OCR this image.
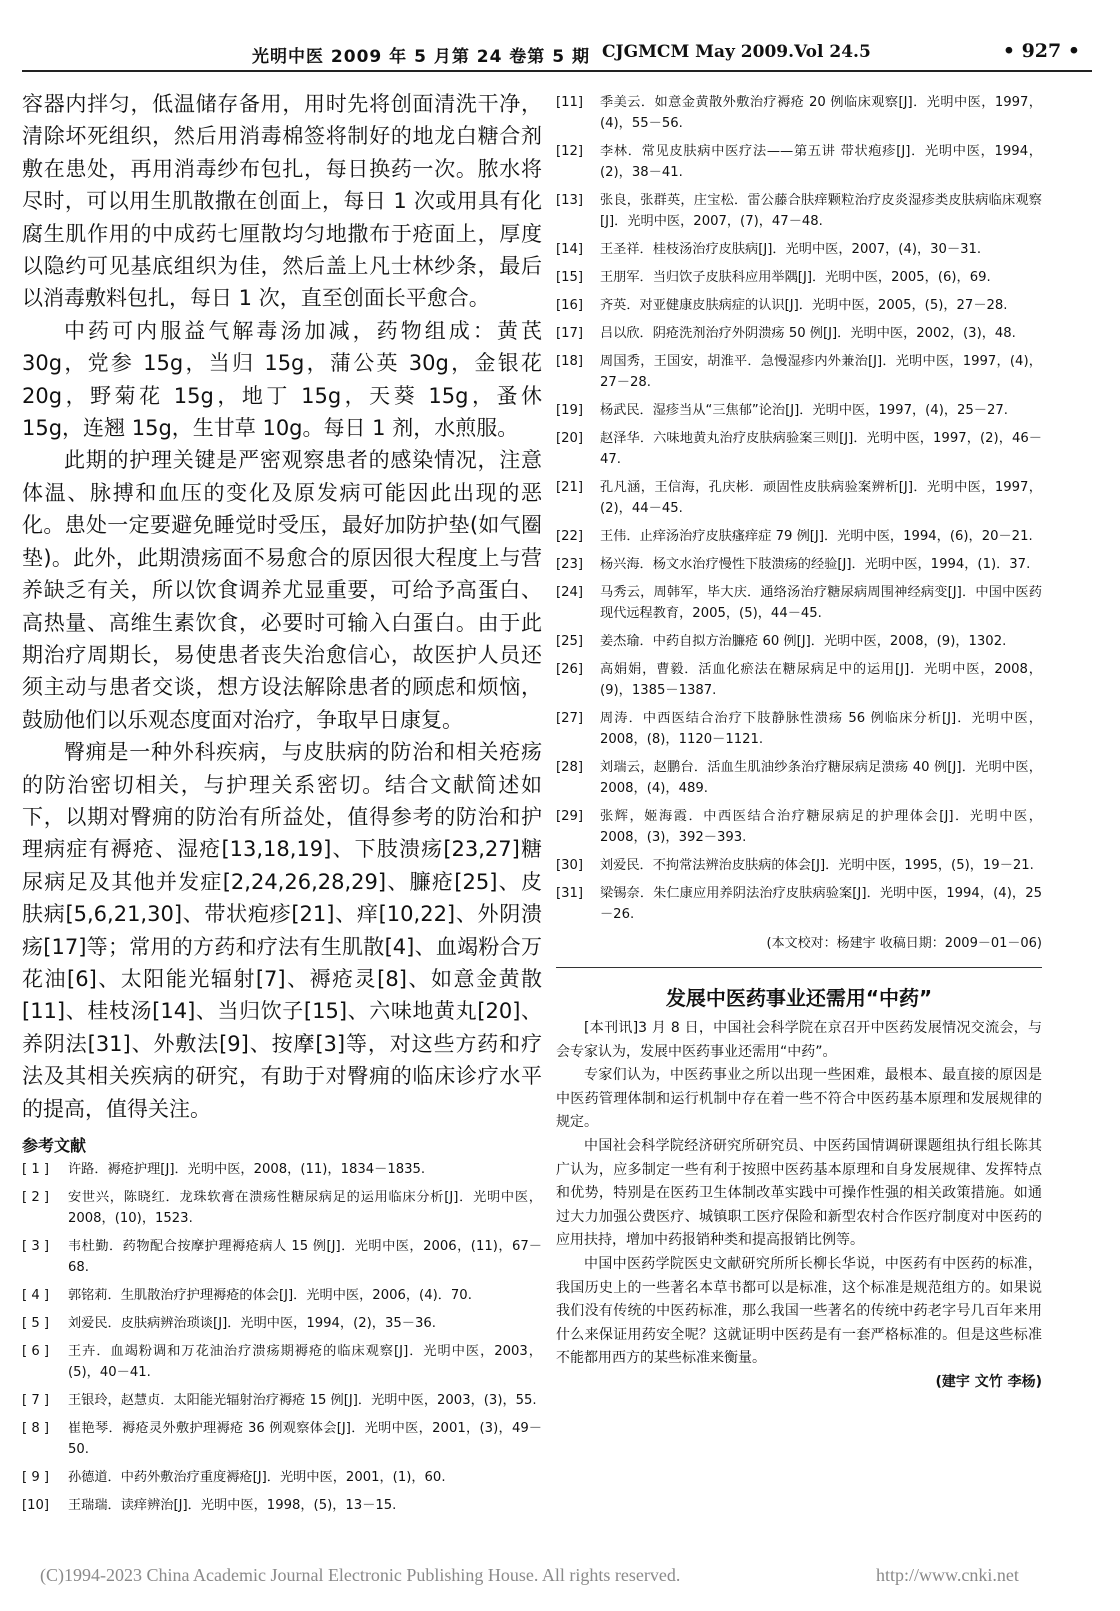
光明中医 2009 年 5 月第 24 卷第 5 期 CJGMCM May 2009.Vol 24.5	• 927 •

容器内拌匀，低温储存备用，用时先将创面清洗干净，清除坏死组织，然后用消毒棉签将制好的地龙白糖合剂敷在患处，再用消毒纱布包扎，每日换药一次。脓水将尽时，可以用生肌散撒在创面上，每日 1 次或用具有化腐生肌作用的中成药七厘散均匀地撒布于疮面上，厚度以隐约可见基底组织为佳，然后盖上凡士林纱条，最后以消毒敷料包扎，每日 1 次，直至创面长平愈合。

中药可内服益气解毒汤加减，药物组成：黄芪 30g，党参 15g，当归 15g，蒲公英 30g，金银花 20g，野菊花 15g，地丁 15g，天葵 15g，蚤休 15g，连翘 15g，生甘草 10g。每日 1 剂，水煎服。

此期的护理关键是严密观察患者的感染情况，注意体温、脉搏和血压的变化及原发病可能因此出现的恶化。患处一定要避免睡觉时受压，最好加防护垫(如气圈垫)。此外，此期溃疡面不易愈合的原因很大程度上与营养缺乏有关，所以饮食调养尤显重要，可给予高蛋白、高热量、高维生素饮食，必要时可输入白蛋白。由于此期治疗周期长，易使患者丧失治愈信心，故医护人员还须主动与患者交谈，想方设法解除患者的顾虑和烦恼，鼓励他们以乐观态度面对治疗，争取早日康复。

臀痈是一种外科疾病，与皮肤病的防治和相关疮疡的防治密切相关，与护理关系密切。结合文献简述如下，以期对臀痈的防治有所益处，值得参考的防治和护理病症有褥疮、湿疮[13,18,19]、下肢溃疡[23,27]糖尿病足及其他并发症[2,24,26,28,29]、臁疮[25]、皮肤病[5,6,21,30]、带状疱疹[21]、痒[10,22]、外阴溃疡[17]等；常用的方药和疗法有生肌散[4]、血竭粉合万花油[6]、太阳能光辐射[7]、褥疮灵[8]、如意金黄散[11]、桂枝汤[14]、当归饮子[15]、六味地黄丸[20]、养阴法[31]、外敷法[9]、按摩[3]等，对这些方药和疗法及其相关疾病的研究，有助于对臀痈的临床诊疗水平的提高，值得关注。

参考文献
[ 1 ]	许路．褥疮护理[J]．光明中医，2008，(11)，1834－1835.
[ 2 ]	安世兴，陈晓红．龙珠软膏在溃疡性糖尿病足的运用临床分析[J]．光明中医，2008，(10)，1523.
[ 3 ]	韦杜勤．药物配合按摩护理褥疮病人 15 例[J]．光明中医，2006，(11)，67－68.
[ 4 ]	郭铭莉．生肌散治疗护理褥疮的体会[J]．光明中医，2006，(4)．70.
[ 5 ]	刘爱民．皮肤病辨治琐谈[J]．光明中医，1994，(2)，35－36.
[ 6 ]	王卉．血竭粉调和万花油治疗溃疡期褥疮的临床观察[J]．光明中医，2003，(5)，40－41.
[ 7 ]	王银玲，赵慧贞．太阳能光辐射治疗褥疮 15 例[J]．光明中医，2003，(3)，55.
[ 8 ]	崔艳琴．褥疮灵外敷护理褥疮 36 例观察体会[J]．光明中医，2001，(3)，49－50.
[ 9 ]	孙德道．中药外敷治疗重度褥疮[J]．光明中医，2001，(1)，60.
[10]	王瑞瑞．读痒辨治[J]．光明中医，1998，(5)，13－15.
[11]	季美云．如意金黄散外敷治疗褥疮 20 例临床观察[J]．光明中医，1997，(4)，55－56.
[12]	李林．常见皮肤病中医疗法——第五讲 带状疱疹[J]．光明中医，1994，(2)，38－41.
[13]	张良，张群英，庄宝松．雷公藤合肤痒颗粒治疗皮炎湿疹类皮肤病临床观察[J]．光明中医，2007，(7)，47－48.
[14]	王圣祥．桂枝汤治疗皮肤病[J]．光明中医，2007，(4)，30－31.
[15]	王朋军．当归饮子皮肤科应用举隅[J]．光明中医，2005，(6)，69.
[16]	齐英．对亚健康皮肤病症的认识[J]．光明中医，2005，(5)，27－28.
[17]	吕以欣．阴疮洗剂治疗外阴溃疡 50 例[J]．光明中医，2002，(3)，48.
[18]	周国秀，王国安，胡淮平．急慢湿疹内外兼治[J]．光明中医，1997，(4)，27－28.
[19]	杨武民．湿疹当从“三焦郁”论治[J]．光明中医，1997，(4)，25－27.
[20]	赵泽华．六味地黄丸治疗皮肤病验案三则[J]．光明中医，1997，(2)，46－47.
[21]	孔凡涵，王信海，孔庆彬．顽固性皮肤病验案辨析[J]．光明中医，1997，(2)，44－45.
[22]	王伟．止痒汤治疗皮肤瘙痒症 79 例[J]．光明中医，1994，(6)，20－21.
[23]	杨兴海．杨文水治疗慢性下肢溃疡的经验[J]．光明中医，1994，(1)．37.
[24]	马秀云，周韩军，毕大庆．通络汤治疗糖尿病周围神经病变[J]．中国中医药现代远程教育，2005，(5)，44－45.
[25]	姜杰瑜．中药自拟方治臁疮 60 例[J]．光明中医，2008，(9)，1302.
[26]	高娟娟，曹毅．活血化瘀法在糖尿病足中的运用[J]．光明中医，2008，(9)，1385－1387.
[27]	周涛．中西医结合治疗下肢静脉性溃疡 56 例临床分析[J]．光明中医，2008，(8)，1120－1121.
[28]	刘瑞云，赵鹏台．活血生肌油纱条治疗糖尿病足溃疡 40 例[J]．光明中医，2008，(4)，489.
[29]	张辉，姬海霞．中西医结合治疗糖尿病足的护理体会[J]．光明中医，2008，(3)，392－393.
[30]	刘爱民．不拘常法辨治皮肤病的体会[J]．光明中医，1995，(5)，19－21.
[31]	梁锡奈．朱仁康应用养阴法治疗皮肤病验案[J]．光明中医，1994，(4)，25－26.
(本文校对：杨建宇 收稿日期：2009－01－06)
发展中医药事业还需用“中药”

[本刊讯]3 月 8 日，中国社会科学院在京召开中医药发展情况交流会，与会专家认为，发展中医药事业还需用“中药”。

专家们认为，中医药事业之所以出现一些困难，最根本、最直接的原因是中医药管理体制和运行机制中存在着一些不符合中医药基本原理和发展规律的规定。

中国社会科学院经济研究所研究员、中医药国情调研课题组执行组长陈其广认为，应多制定一些有利于按照中医药基本原理和自身发展规律、发挥特点和优势，特别是在医药卫生体制改革实践中可操作性强的相关政策措施。如通过大力加强公费医疗、城镇职工医疗保险和新型农村合作医疗制度对中医药的应用扶持，增加中药报销种类和提高报销比例等。

中国中医药学院医史文献研究所所长柳长华说，中医药有中医药的标准，我国历史上的一些著名本草书都可以是标准，这个标准是规范组方的。如果说我们没有传统的中医药标准，那么我国一些著名的传统中药老字号几百年来用什么来保证用药安全呢？这就证明中医药是有一套严格标准的。但是这些标准不能都用西方的某些标准来衡量。

(建宇 文竹 李杨)
(C)1994-2023 China Academic Journal Electronic Publishing House. All rights reserved.	http://www.cnki.net
